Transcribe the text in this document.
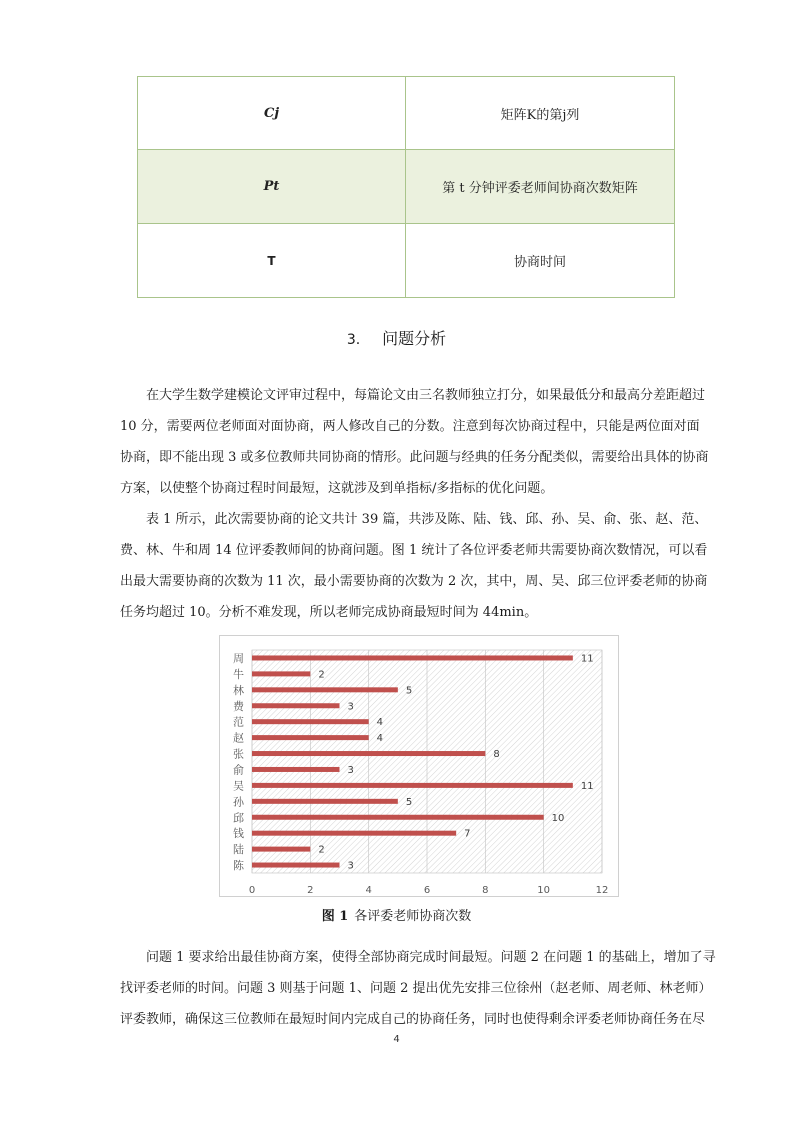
Cj	矩阵K的第j列
Pt	第 t 分钟评委老师间协商次数矩阵
T	协商时间
3. 问题分析

在大学生数学建模论文评审过程中，每篇论文由三名教师独立打分，如果最低分和最高分差距超过
10 分，需要两位老师面对面协商，两人修改自己的分数。注意到每次协商过程中，只能是两位面对面
协商，即不能出现 3 或多位教师共同协商的情形。此问题与经典的任务分配类似，需要给出具体的协商
方案，以使整个协商过程时间最短，这就涉及到单指标/多指标的优化问题。

表 1 所示，此次需要协商的论文共计 39 篇，共涉及陈、陆、钱、邱、孙、吴、俞、张、赵、范、
费、林、牛和周 14 位评委教师间的协商问题。图 1 统计了各位评委老师共需要协商次数情况，可以看
出最大需要协商的次数为 11 次，最小需要协商的次数为 2 次，其中，周、吴、邱三位评委老师的协商
任务均超过 10。分析不难发现，所以老师完成协商最短时间为 44min。

11
2
5
3
4
4
8
3
11
5
10
7
2
3
周
牛
林
费
范
赵
张
俞
吴
孙
邱
钱
陆
陈
0	2	4	6	8	10	12
图 1 各评委老师协商次数

问题 1 要求给出最佳协商方案，使得全部协商完成时间最短。问题 2 在问题 1 的基础上，增加了寻
找评委老师的时间。问题 3 则基于问题 1、问题 2 提出优先安排三位徐州（赵老师、周老师、林老师）
评委教师，确保这三位教师在最短时间内完成自己的协商任务，同时也使得剩余评委老师协商任务在尽

4
